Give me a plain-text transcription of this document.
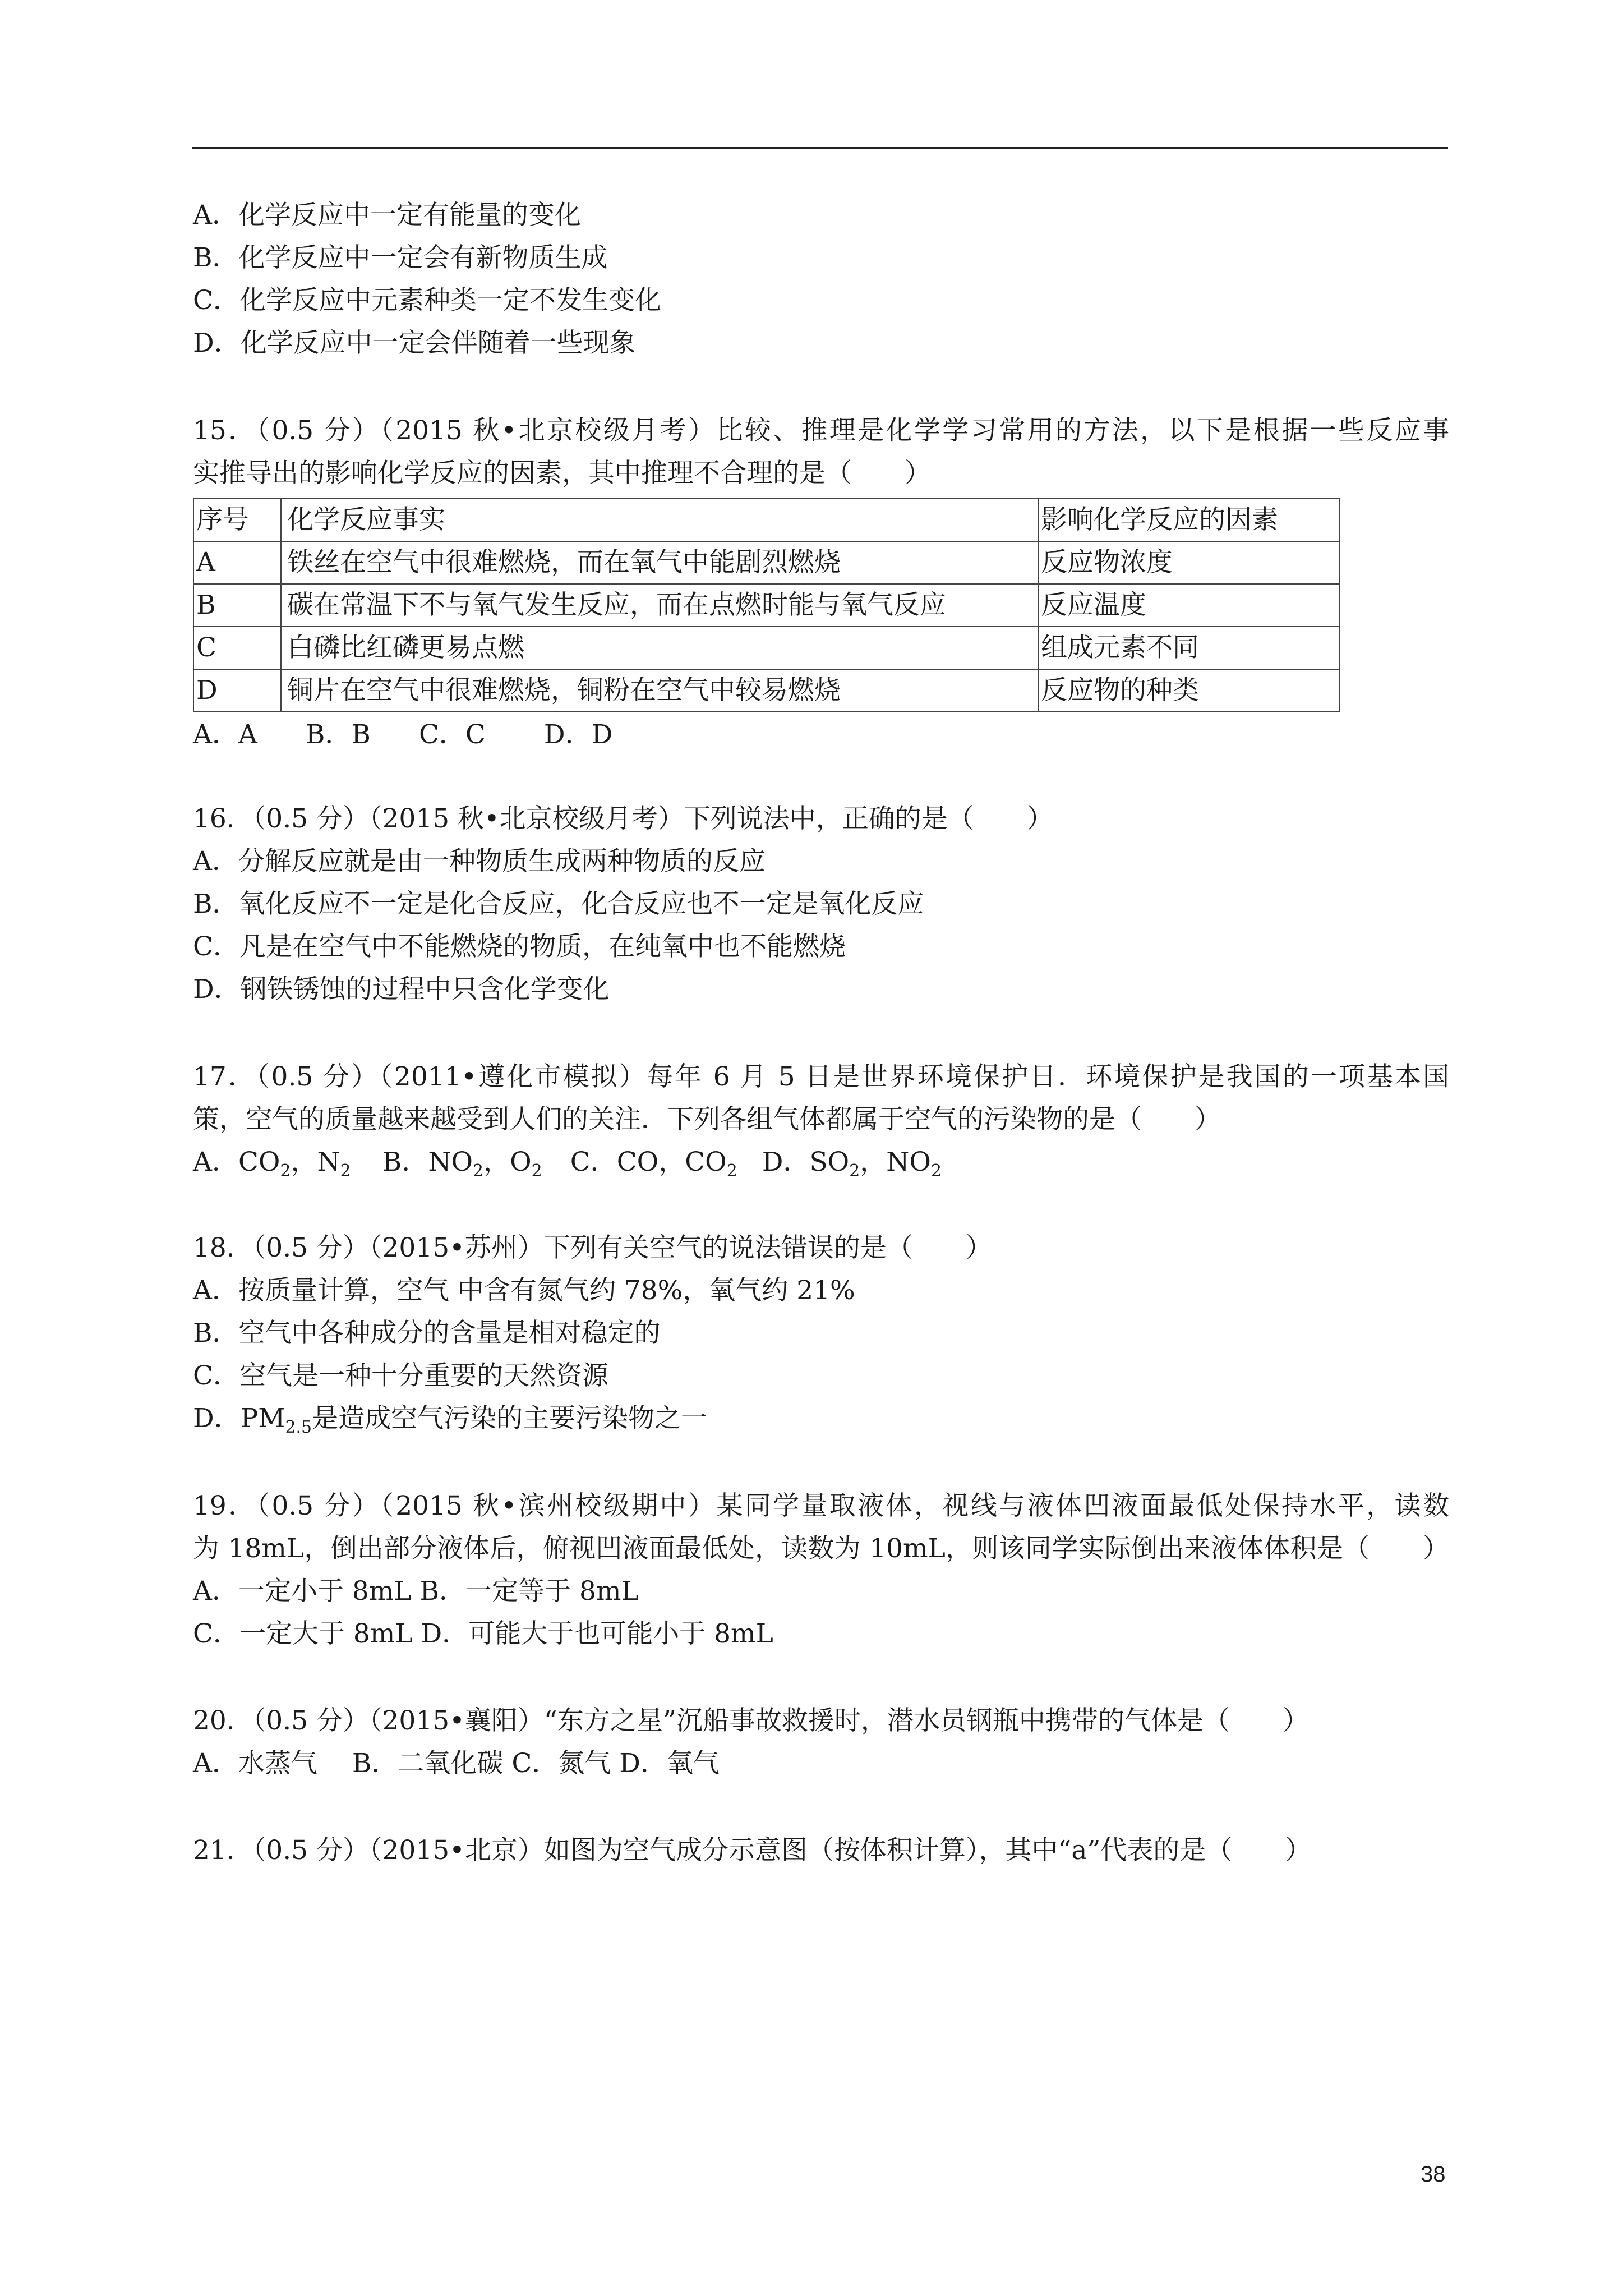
A．化学反应中一定有能量的变化
B．化学反应中一定会有新物质生成
C．化学反应中元素种类一定不发生变化
D．化学反应中一定会伴随着一些现象
15．（0.5 分）（2015 秋•北京校级月考）比较、推理是化学学习常用的方法，以下是根据一些反应事
实推导出的影响化学反应的因素，其中推理不合理的是（　　）
序号	化学反应事实	影响化学反应的因素
A	铁丝在空气中很难燃烧，而在氧气中能剧烈燃烧	反应物浓度
B	碳在常温下不与氧气发生反应，而在点燃时能与氧气反应	反应温度
C	白磷比红磷更易点燃	组成元素不同
D	铜片在空气中很难燃烧，铜粉在空气中较易燃烧	反应物的种类
A．A B．B C．C D．D
16．（0.5 分）（2015 秋•北京校级月考）下列说法中，正确的是（　　）
A．分解反应就是由一种物质生成两种物质的反应
B．氧化反应不一定是化合反应，化合反应也不一定是氧化反应
C．凡是在空气中不能燃烧的物质，在纯氧中也不能燃烧
D．钢铁锈蚀的过程中只含化学变化
17．（0.5 分）（2011•遵化市模拟）每年 6 月 5 日是世界环境保护日．环境保护是我国的一项基本国
策，空气的质量越来越受到人们的关注．下列各组气体都属于空气的污染物的是（　　）
A．$CO_2$，$N_2$ B．$NO_2$，$O_2$ C．CO，$CO_2$ D．$SO_2$，$NO_2$
18．（0.5 分）（2015•苏州）下列有关空气的说法错误的是（　　）
A．按质量计算，空气 中含有氮气约 78%，氧气约 21%
B．空气中各种成分的含量是相对稳定的
C．空气是一种十分重要的天然资源
D．$PM_{2.5}$是造成空气污染的主要污染物之一
19．（0.5 分）（2015 秋•滨州校级期中）某同学量取液体，视线与液体凹液面最低处保持水平，读数
为 18mL，倒出部分液体后，俯视凹液面最低处，读数为 10mL，则该同学实际倒出来液体体积是（　　）
A．一定小于 8mL B．一定等于 8mL
C．一定大于 8mL D．可能大于也可能小于 8mL
20．（0.5 分）（2015•襄阳）“东方之星”沉船事故救援时，潜水员钢瓶中携带的气体是（　　）
A．水蒸气　 B．二氧化碳 C．氮气 D．氧气
21．（0.5 分）（2015•北京）如图为空气成分示意图（按体积计算），其中“a”代表的是（　　）
38
